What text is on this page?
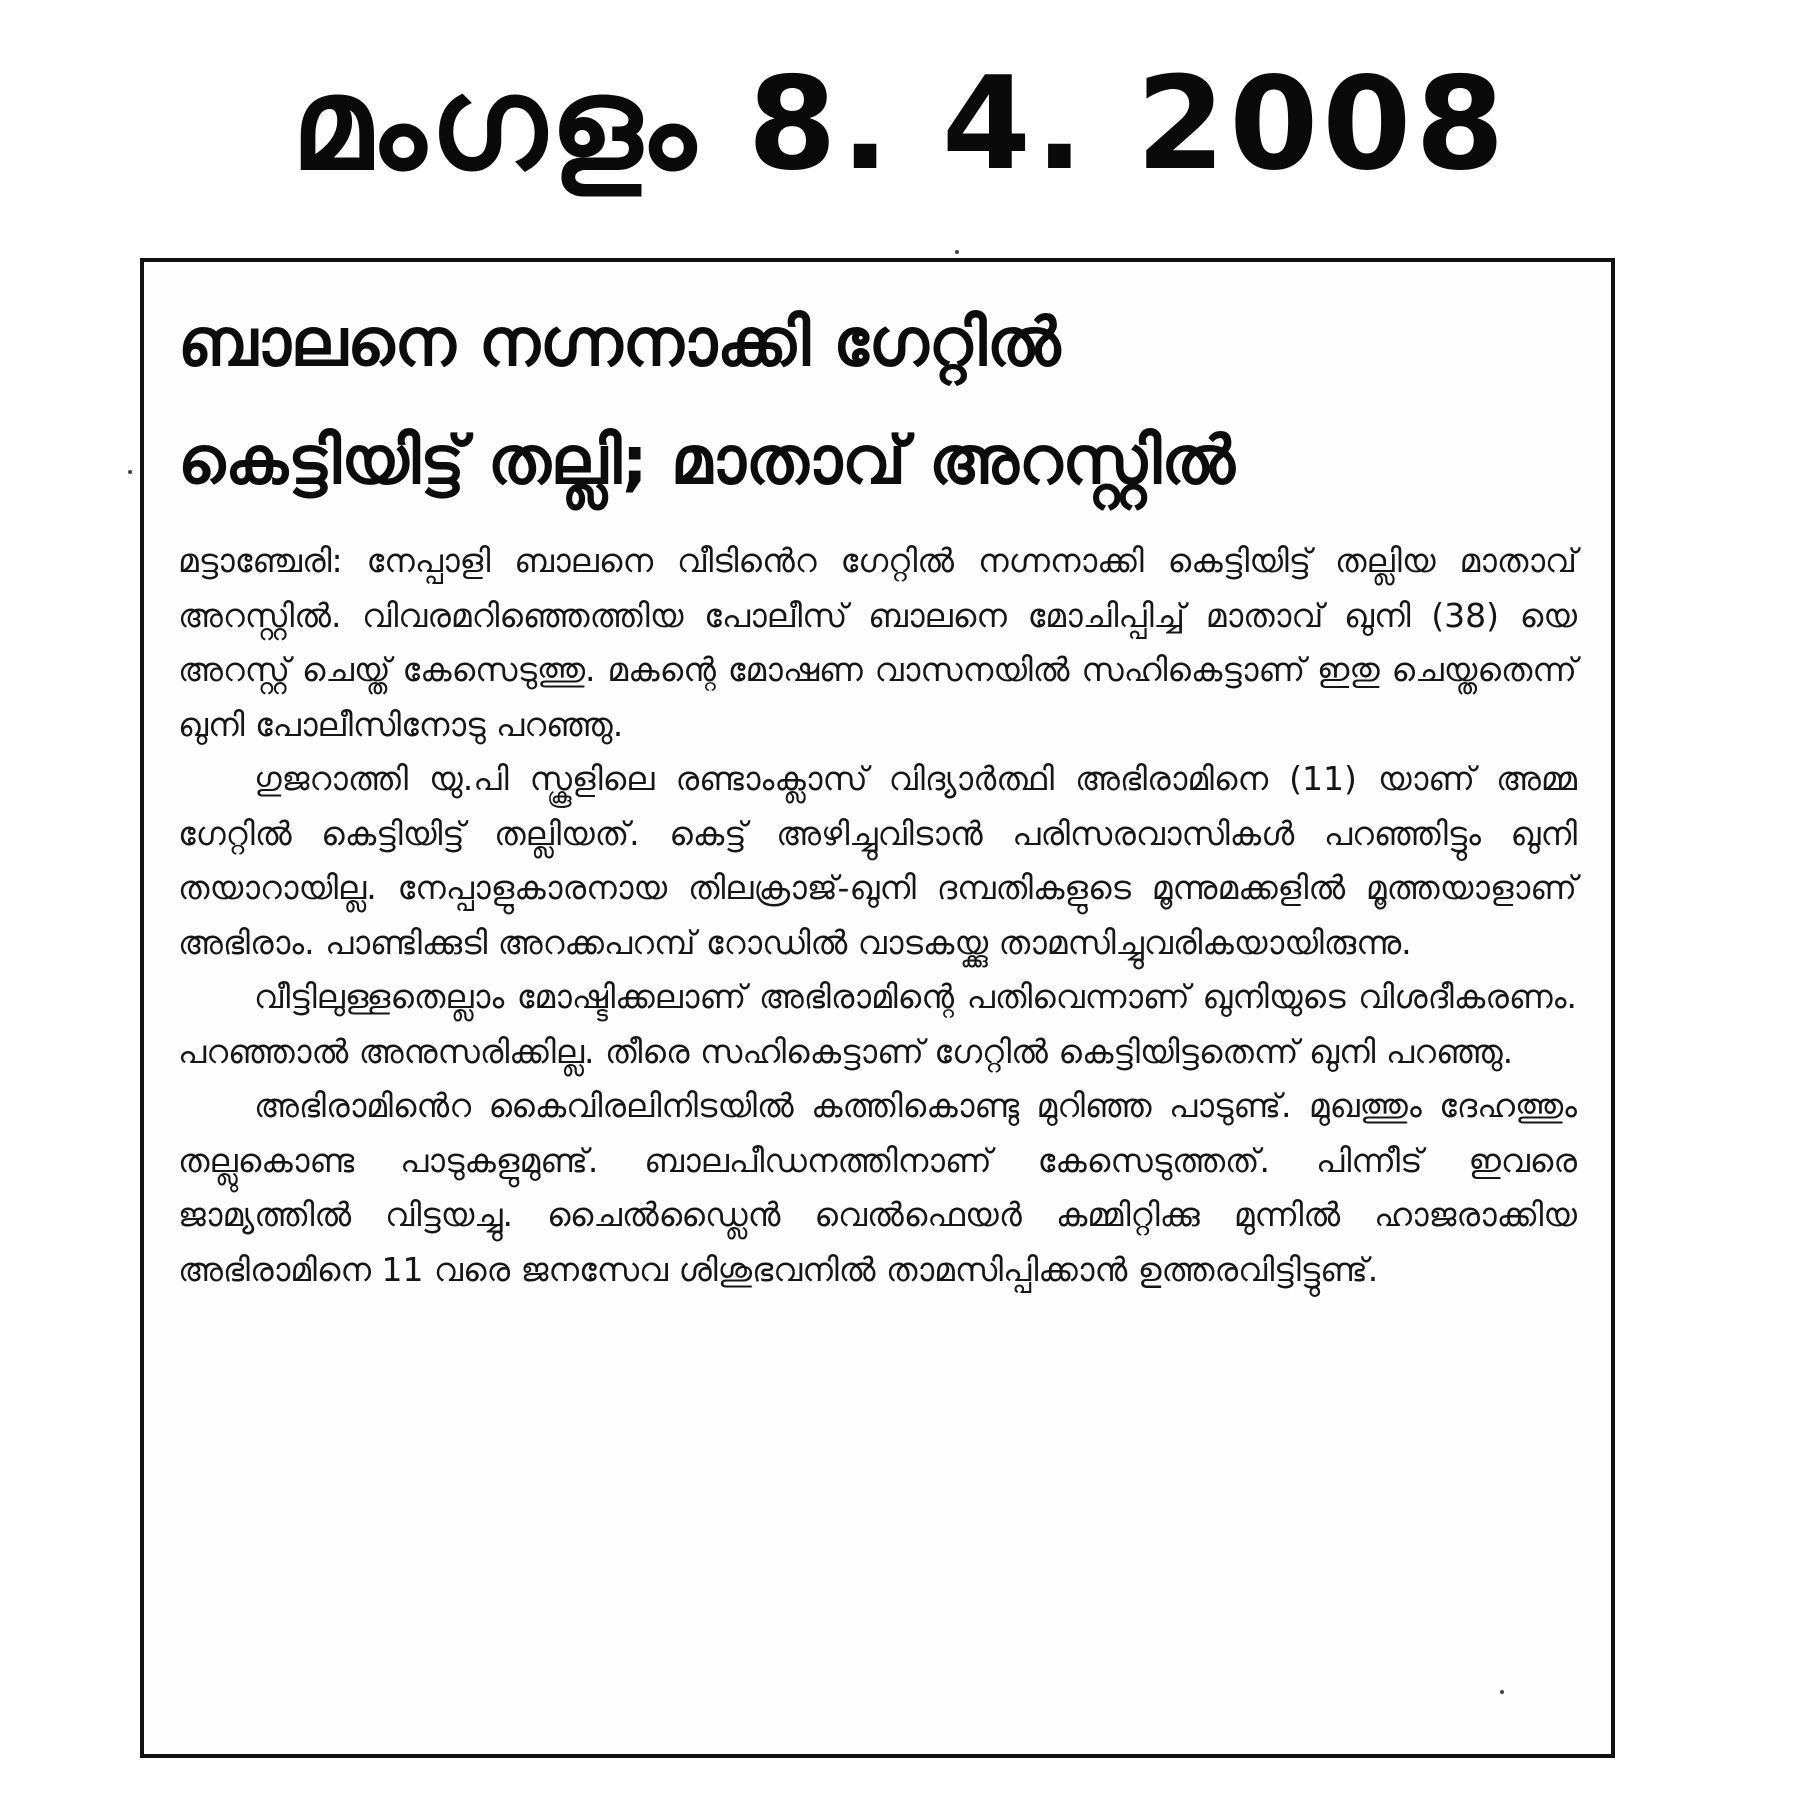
മംഗളം 8. 4. 2008
ബാലനെ നഗ്നനാക്കി ഗേറ്റിൽ
കെട്ടിയിട്ട് തല്ലി; മാതാവ് അറസ്റ്റിൽ

മട്ടാഞ്ചേരി: നേപ്പാളി ബാലനെ വീടിൻെറ ഗേറ്റിൽ നഗ്നനാക്കി കെട്ടിയിട്ട് തല്ലിയ മാതാവ് അറസ്റ്റിൽ. വിവരമറിഞ്ഞെത്തിയ പോലീസ് ബാലനെ മോചിപ്പിച്ച് മാതാവ് ഖുനി (38) യെ അറസ്റ്റ് ചെയ്ത് കേസെടുത്തു. മകന്റെ മോഷണ വാസനയിൽ സഹികെട്ടാണ് ഇതു ചെയ്തതെന്ന് ഖുനി പോലീസിനോടു പറഞ്ഞു.

ഗുജറാത്തി യു.പി സ്കൂളിലെ രണ്ടാംക്ലാസ് വിദ്യാർത്ഥി അഭിരാമിനെ (11) യാണ് അമ്മ ഗേറ്റിൽ കെട്ടിയിട്ട് തല്ലിയത്. കെട്ട് അഴിച്ചുവിടാൻ പരിസരവാസികൾ പറഞ്ഞിട്ടും ഖുനി തയാറായില്ല. നേപ്പാളുകാരനായ തിലക്രാജ്-ഖുനി ദമ്പതികളുടെ മൂന്നുമക്കളിൽ മൂത്തയാളാണ് അഭിരാം. പാണ്ടിക്കുടി അറക്കപറമ്പ് റോഡിൽ വാടകയ്ക്കു താമസിച്ചുവരികയായിരുന്നു.

വീട്ടിലുള്ളതെല്ലാം മോഷ്ടിക്കലാണ് അഭിരാമിന്റെ പതിവെന്നാണ് ഖുനിയുടെ വിശദീകരണം. പറഞ്ഞാൽ അനുസരിക്കില്ല. തീരെ സഹികെട്ടാണ് ഗേറ്റിൽ കെട്ടിയിട്ടതെന്ന് ഖുനി പറഞ്ഞു.

അഭിരാമിൻെറ കൈവിരലിനിടയിൽ കത്തികൊണ്ടു മുറിഞ്ഞ പാടുണ്ട്. മുഖത്തും ദേഹത്തും തല്ലുകൊണ്ട പാടുകളുമുണ്ട്. ബാലപീഡനത്തിനാണ് കേസെടുത്തത്. പിന്നീട് ഇവരെ ജാമ്യത്തിൽ വിട്ടയച്ചു. ചൈൽഡ്ലൈൻ വെൽഫെയർ കമ്മിറ്റിക്കു മുന്നിൽ ഹാജരാക്കിയ അഭിരാമിനെ 11 വരെ ജനസേവ ശിശുഭവനിൽ താമസിപ്പിക്കാൻ ഉത്തരവിട്ടിട്ടുണ്ട്.
